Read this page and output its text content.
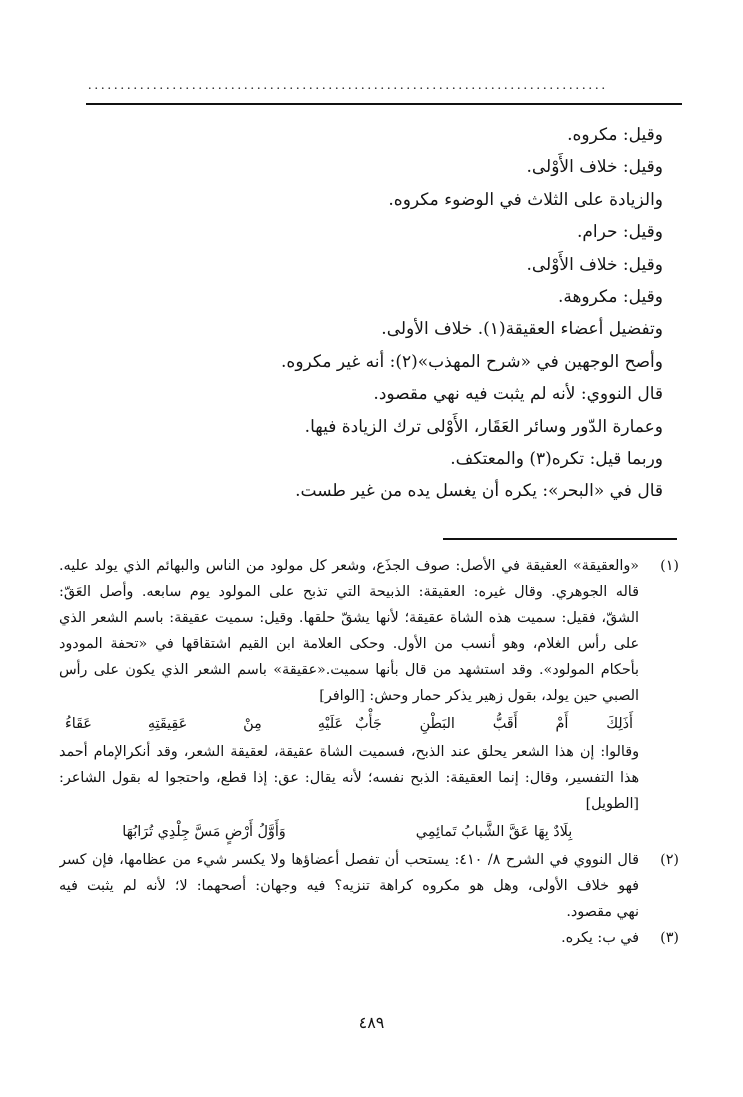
................................................................................
وقيل: مكروه.
وقيل: خلاف الأَوْلى.
والزيادة على الثلاث في الوضوء مكروه.
وقيل: حرام.
وقيل: خلاف الأَوْلى.
وقيل: مكروهة.
وتفضيل أعضاء العقيقة(١). خلاف الأولى.
وأصح الوجهين في «شرح المهذب»(٢): أنه غير مكروه.
قال النووي: لأنه لم يثبت فيه نهي مقصود.
وعمارة الدّور وسائر العَقَار، الأَوْلى ترك الزيادة فيها.
وربما قيل: تكره(٣) والمعتكف.
قال في «البحر»: يكره أن يغسل يده من غير طست.
(١)
«والعقيقة» العقيقة في الأصل: صوف الجذَع، وشعر كل مولود من الناس والبهائم الذي يولد عليه.
قاله الجوهري. وقال غيره: العقيقة: الذبيحة التي تذبح على المولود يوم سابعه. وأصل العَقّ:
الشقّ، فقيل: سميت هذه الشاة عقيقة؛ لأنها يشقّ حلقها. وقيل: سميت عقيقة: باسم الشعر الذي
على رأس الغلام، وهو أنسب من الأول. وحكى العلامة ابن القيم اشتقاقها في «تحفة المودود
بأحكام المولود». وقد استشهد من قال بأنها سميت.«عقيقة» باسم الشعر الذي يكون على رأس
الصبي حين يولد، بقول زهير يذكر حمار وحش: [الوافر]
أَذَلِكَ أَمْ أَقَبُّ البَطْنِ جَأْبٌ
عَلَيْهِ مِنْ عَقِيقَتِهِ عَقَاءُ
وقالوا: إن هذا الشعر يحلق عند الذبح، فسميت الشاة عقيقة، لعقيقة الشعر، وقد أنكرالإمام أحمد
هذا التفسير، وقال: إنما العقيقة: الذبح نفسه؛ لأنه يقال: عق: إذا قطع، واحتجوا له بقول الشاعر:
[الطويل]
بِلَادٌ بِهَا عَقَّ الشَّبابُ تَمائِمِي
وَأَوَّلُ أَرْضٍ مَسَّ جِلْدِي تُرَابُهَا
(٢)
قال النووي في الشرح ٨/ ٤١٠: يستحب أن تفصل أعضاؤها ولا يكسر شيء من عظامها، فإن كسر
فهو خلاف الأولى، وهل هو مكروه كراهة تنزيه؟ فيه وجهان: أصحهما: لا؛ لأنه لم يثبت فيه
نهي مقصود.
(٣)
في ب: يكره.
٤٨٩
